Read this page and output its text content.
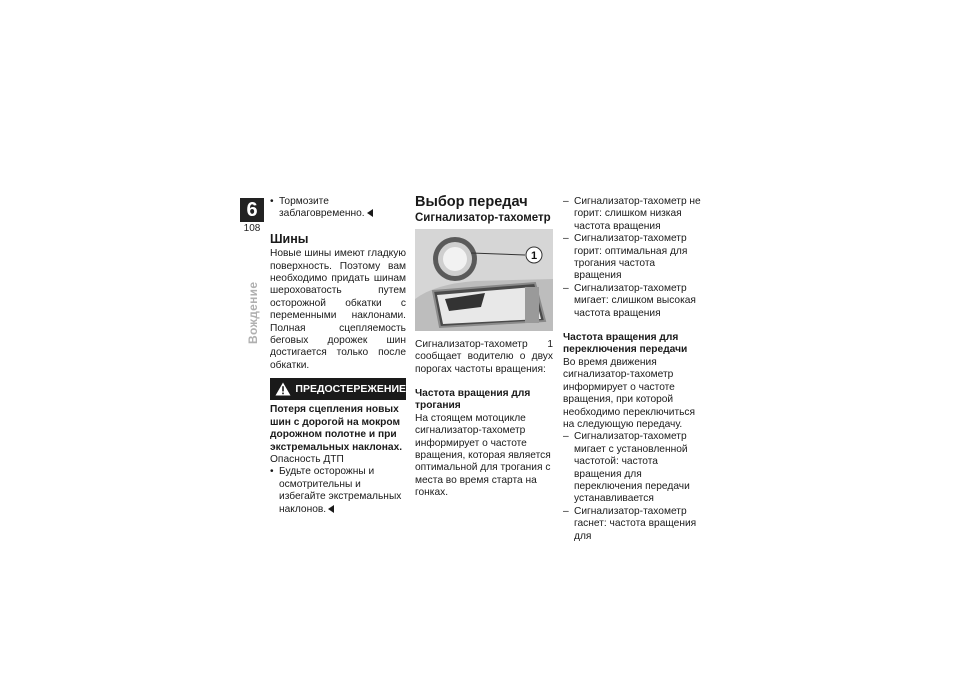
6
108
Вождение
• Тормозите
заблаговременно.
Шины

Новые шины имеют гладкую поверхность. Поэтому вам необходимо придать шинам шероховатость путем осторожной обкатки с переменными наклонами. Полная сцепляемость беговых дорожек шин достигается только после обкатки.

ПРЕДОСТЕРЕЖЕНИЕ

Потеря сцепления новых шин с дорогой на мокром дорожном полотне и при экстремальных наклонах.

Опасность ДТП

• Будьте осторожны и осмотрительны и избегайте экстремальных наклонов.
Выбор передач
Сигнализатор-тахометр
1

Сигнализатор-тахометр 1 сообщает водителю о двух порогах частоты вращения:

Частота вращения для трогания

На стоящем мотоцикле сигнализатор-тахометр информирует о частоте вращения, которая является оптимальной для трогания с места во время старта на гонках.

– Сигнализатор-тахометр не горит: слишком низкая частота вращения
– Сигнализатор-тахометр горит: оптимальная для трогания частота вращения
– Сигнализатор-тахометр мигает: слишком высокая частота вращения

Частота вращения для переключения передачи

Во время движения сигнализатор-тахометр информирует о частоте вращения, при которой необходимо переключиться на следующую передачу.

– Сигнализатор-тахометр мигает с установленной частотой: частота вращения для переключения передачи устанавливается
– Сигнализатор-тахометр гаснет: частота вращения для
